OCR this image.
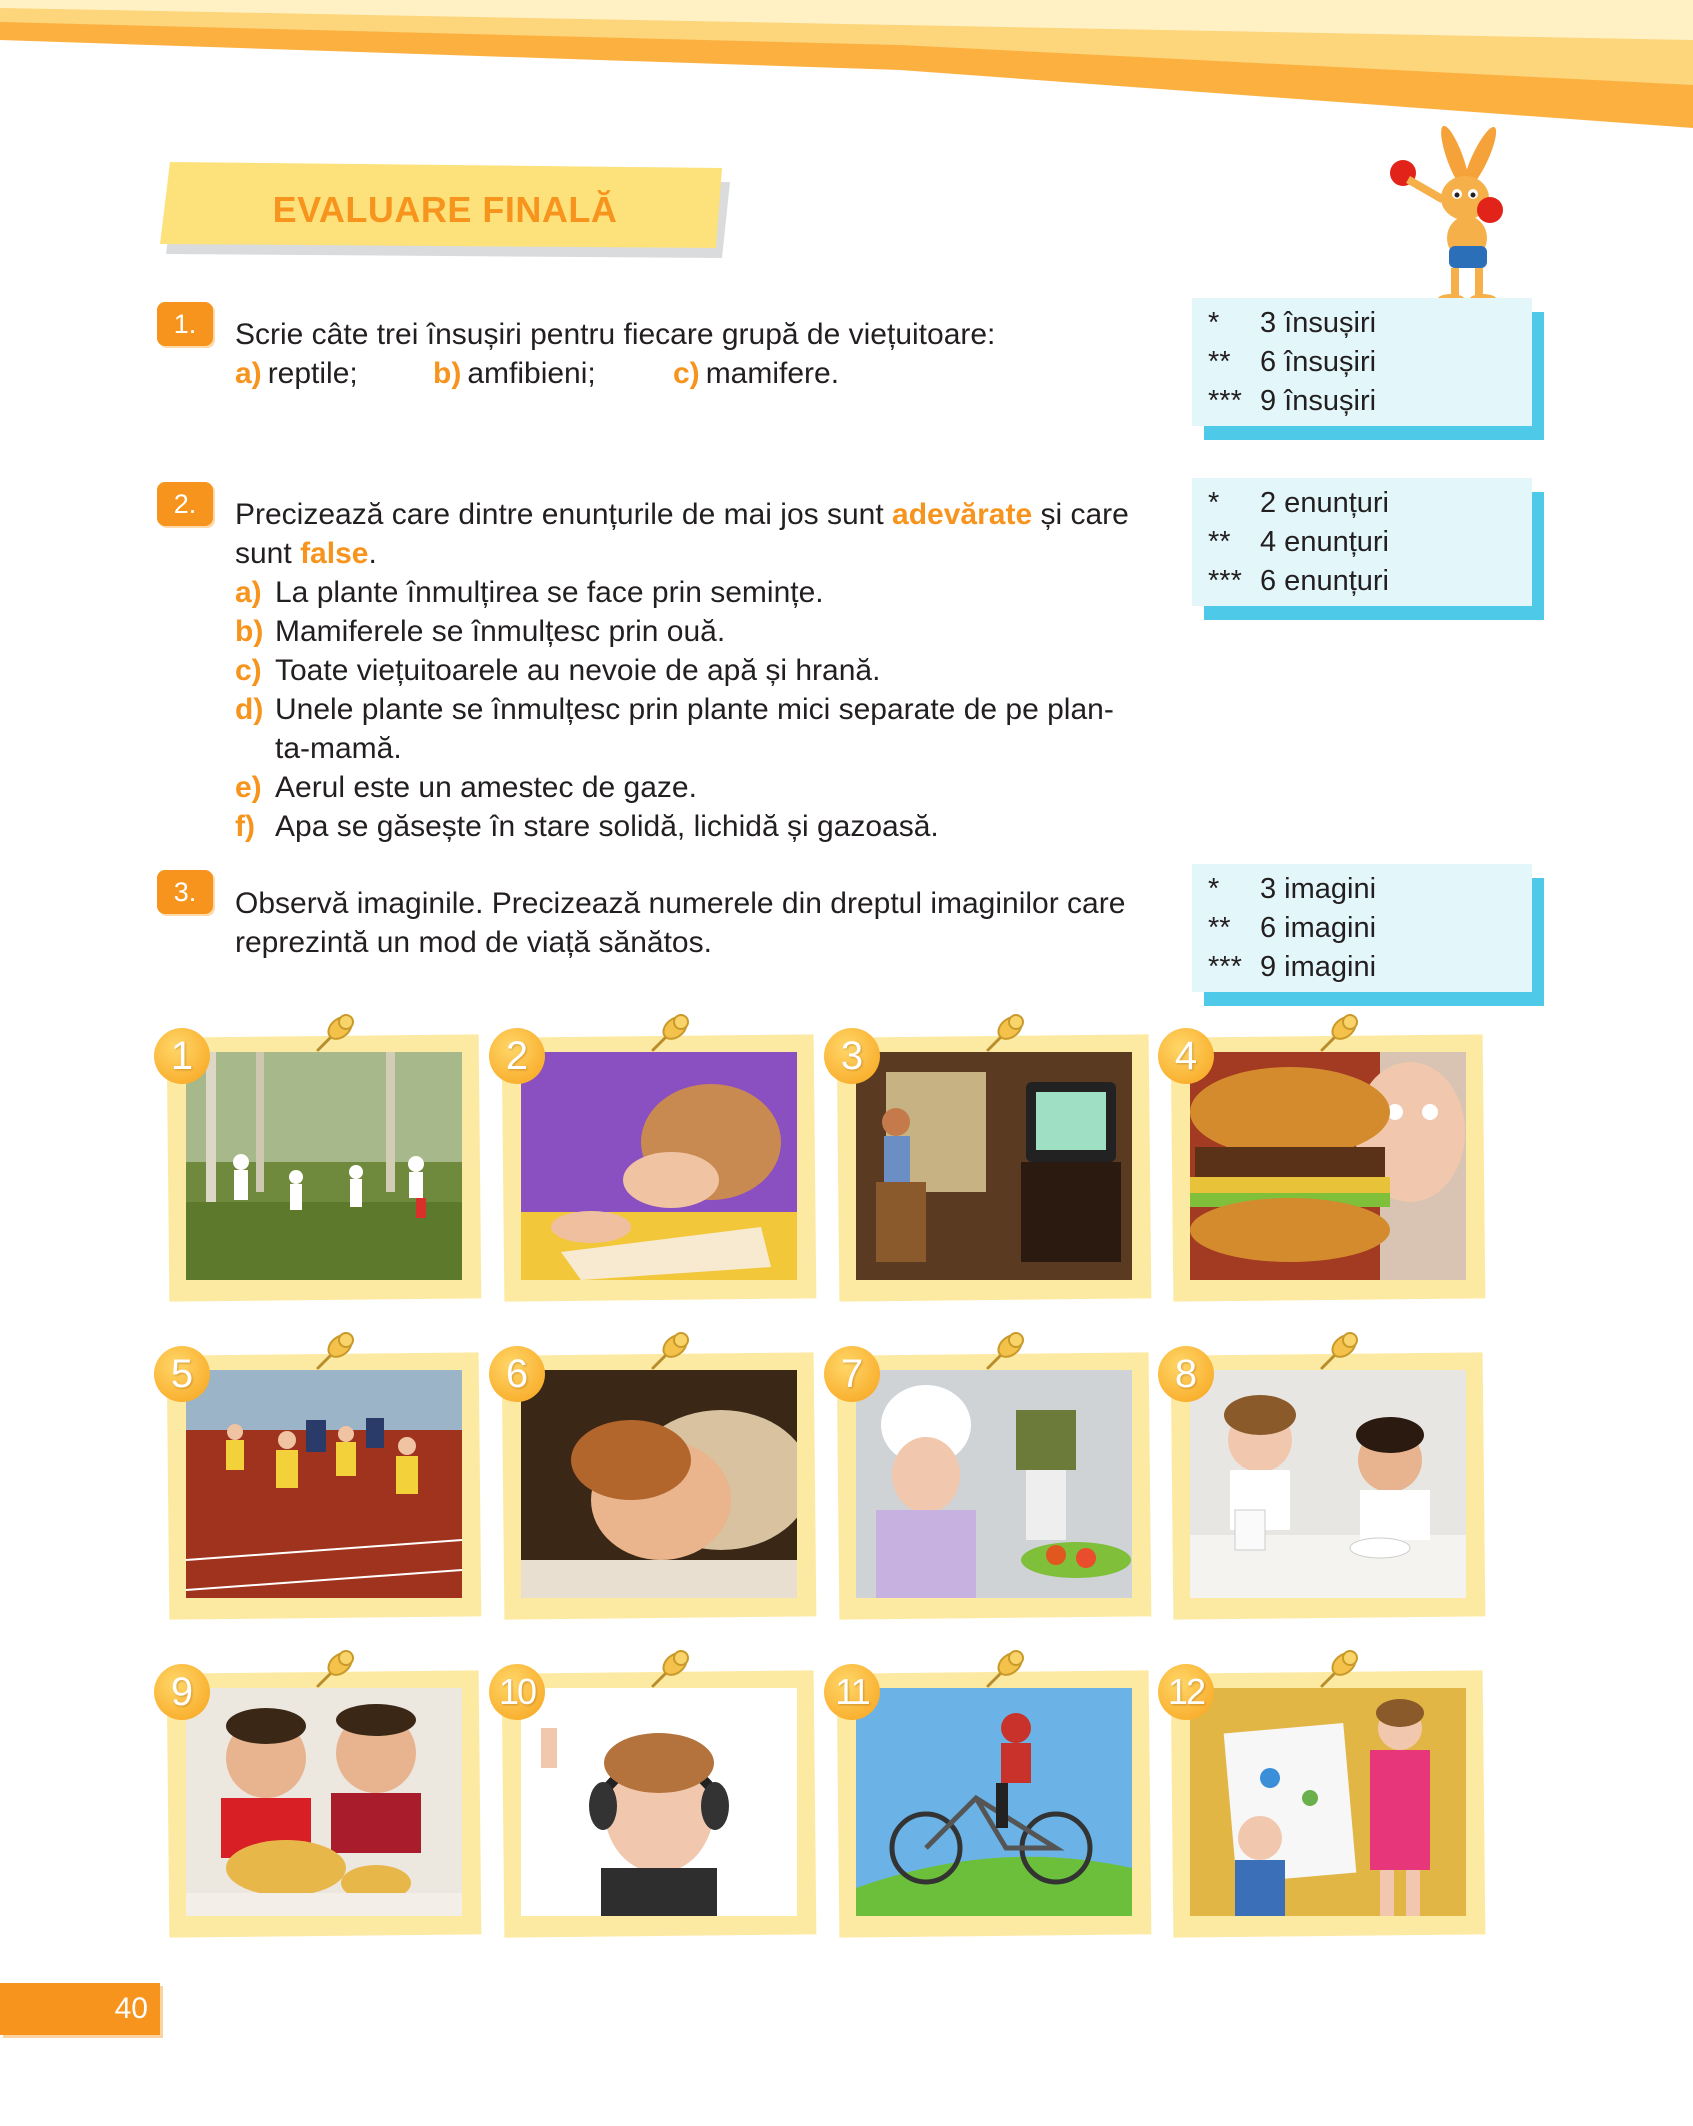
EVALUARE FINALĂ
1.	Scrie câte trei însușiri pentru fiecare grupă de viețuitoare:
a) reptile;	b) amfibieni;	c) mamifere.
* 3 însușiri
** 6 însușiri
*** 9 însușiri
2.	Precizează care dintre enunțurile de mai jos sunt adevărate și care
sunt false.
a) La plante înmulțirea se face prin semințe.
b) Mamiferele se înmulțesc prin ouă.
c) Toate viețuitoarele au nevoie de apă și hrană.
d) Unele plante se înmulțesc prin plante mici separate de pe plan-
ta-mamă.
e) Aerul este un amestec de gaze.
f) Apa se găsește în stare solidă, lichidă și gazoasă.
* 2 enunțuri
** 4 enunțuri
*** 6 enunțuri
3.	Observă imaginile. Precizează numerele din dreptul imaginilor care
reprezintă un mod de viață sănătos.
* 3 imagini
** 6 imagini
*** 9 imagini
1	2	3	4
5	6	7	8
9	10	11	12
40
